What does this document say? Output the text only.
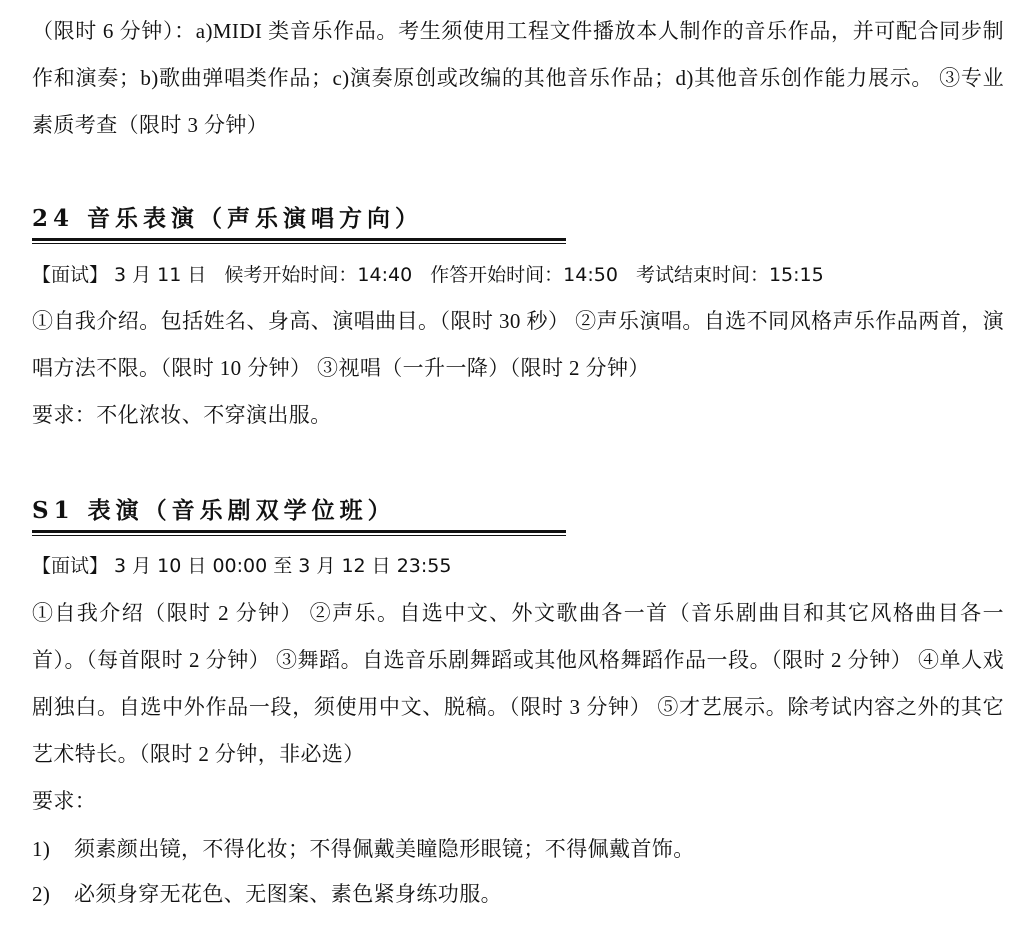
（限时 6 分钟）：a)MIDI 类音乐作品。考生须使用工程文件播放本人制作的音乐作品，并可配合同步制作和演奏；b)歌曲弹唱类作品；c)演奏原创或改编的其他音乐作品；d)其他音乐创作能力展示。 ③专业素质考查（限时 3 分钟）

24 音乐表演（声乐演唱方向）

【面试】 3 月 11 日 候考开始时间：14:40 作答开始时间：14:50 考试结束时间：15:15

①自我介绍。包括姓名、身高、演唱曲目。（限时 30 秒） ②声乐演唱。自选不同风格声乐作品两首，演唱方法不限。（限时 10 分钟） ③视唱（一升一降）（限时 2 分钟）

要求：不化浓妆、不穿演出服。

S1 表演（音乐剧双学位班）

【面试】 3 月 10 日 00:00 至 3 月 12 日 23:55

①自我介绍（限时 2 分钟） ②声乐。自选中文、外文歌曲各一首（音乐剧曲目和其它风格曲目各一首）。（每首限时 2 分钟） ③舞蹈。自选音乐剧舞蹈或其他风格舞蹈作品一段。（限时 2 分钟） ④单人戏剧独白。自选中外作品一段，须使用中文、脱稿。（限时 3 分钟） ⑤才艺展示。除考试内容之外的其它艺术特长。（限时 2 分钟，非必选）

要求：

1) 须素颜出镜，不得化妆；不得佩戴美瞳隐形眼镜；不得佩戴首饰。

2) 必须身穿无花色、无图案、素色紧身练功服。
